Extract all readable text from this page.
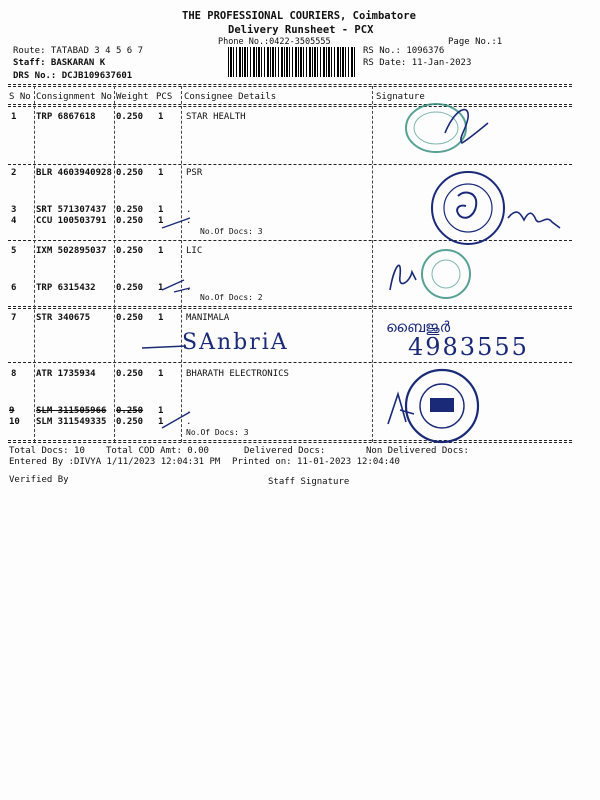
THE PROFESSIONAL COURIERS, Coimbatore
Delivery Runsheet - PCX
Phone No.:0422-3505555	Page No.:1
Route: TATABAD 3 4 5 6 7
Staff: BASKARAN K
DRS No.: DCJB109637601
RS No.: 1096376
RS Date: 11-Jan-2023
S No Consignment No Weight PCS Consignee Details	Signature
1 TRP 6867618 0.250 1	STAR HEALTH
2 BLR 4603940928 0.250 1	PSR
3 SRT 571307437 0.250 1	.
4 CCU 100503791 0.250 1	.
No.Of Docs: 3
5 IXM 502895037 0.250 1	LIC
6 TRP 6315432 0.250 1	.
No.Of Docs: 2
7 STR 340675	0.250 1	MANIMALA
8 ATR 1735934 0.250 1	BHARATH ELECTRONICS
9 SLM 311505966 0.250 1	.
10 SLM 311549335 0.250 1	.
No.Of Docs: 3
SAnbriA
ബൈജുർ
4983555
Total Docs: 10 Total COD Amt: 0.00	Delivered Docs:	Non Delivered Docs:
Entered By :DIVYA 1/11/2023 12:04:31 PM Printed on: 11-01-2023 12:04:40
Verified By	Staff Signature
